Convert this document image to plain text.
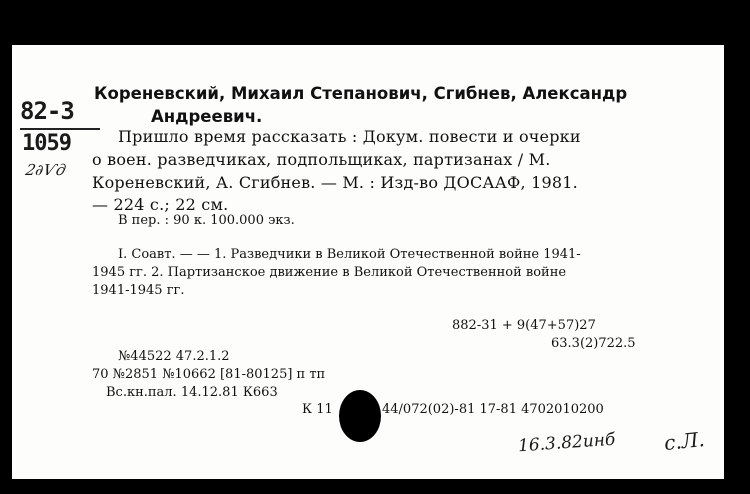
82-3
1059
2∂Ѵд
Кореневский, Михаил Степанович, Сгибнев, Александр
Андреевич.
Пришло время рассказать : Докум. повести и очерки
о воен. разведчиках, подпольщиках, партизанах / М.
Кореневский, А. Сгибнев. — М. : Изд-во ДОСААФ, 1981.
— 224 с.; 22 см.
В пер. : 90 к. 100.000 экз.
I. Соавт. — — 1. Разведчики в Великой Отечественной войне 1941-
1945 гг. 2. Партизанское движение в Великой Отечественной войне
1941-1945 гг.
882-31 + 9(47+57)27
63.3(2)722.5
№44522 47.2.1.2
70 №2851 №10662 [81-80125] п тп
Вс.кн.пал. 14.12.81 К663
К 11	44/072(02)-81 17-81 4702010200
16.3.82инб с.Л.
